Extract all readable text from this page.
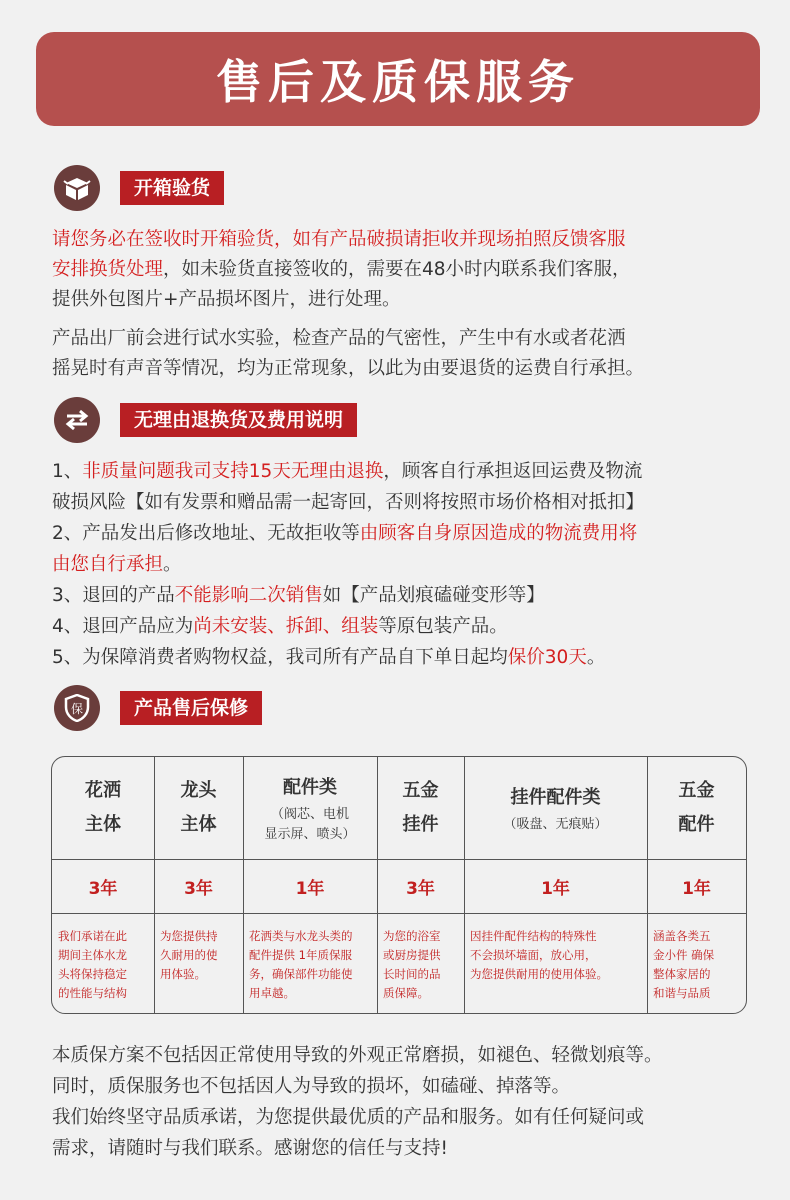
售后及质保服务
开箱验货
请您务必在签收时开箱验货，如有产品破损请拒收并现场拍照反馈客服
安排换货处理，如未验货直接签收的，需要在48小时内联系我们客服，
提供外包图片+产品损坏图片，进行处理。
产品出厂前会进行试水实验，检查产品的气密性，产生中有水或者花洒
摇晃时有声音等情况，均为正常现象，以此为由要退货的运费自行承担。
无理由退换货及费用说明
1、非质量问题我司支持15天无理由退换，顾客自行承担返回运费及物流
破损风险【如有发票和赠品需一起寄回，否则将按照市场价格相对抵扣】
2、产品发出后修改地址、无故拒收等由顾客自身原因造成的物流费用将
由您自行承担。
3、退回的产品不能影响二次销售如【产品划痕磕碰变形等】
4、退回产品应为尚未安装、拆卸、组装等原包装产品。
5、为保障消费者购物权益，我司所有产品自下单日起均保价30天。
保	产品售后保修
花洒
主体
3年
我们承诺在此
期间主体水龙
头将保持稳定
的性能与结构
龙头
主体
3年
为您提供持
久耐用的使
用体验。
配件类
（阀芯、电机
显示屏、喷头）
1年
花洒类与水龙头类的
配件提供 1年质保服
务，确保部件功能使
用卓越。
五金
挂件
3年
为您的浴室
或厨房提供
长时间的品
质保障。
挂件配件类
（吸盘、无痕贴）
1年
因挂件配件结构的特殊性
不会损坏墙面，放心用，
为您提供耐用的使用体验。
五金
配件
1年
涵盖各类五
金小件 确保
整体家居的
和谐与品质
本质保方案不包括因正常使用导致的外观正常磨损，如褪色、轻微划痕等。
同时，质保服务也不包括因人为导致的损坏，如磕碰、掉落等。
我们始终坚守品质承诺，为您提供最优质的产品和服务。如有任何疑问或
需求，请随时与我们联系。感谢您的信任与支持!
